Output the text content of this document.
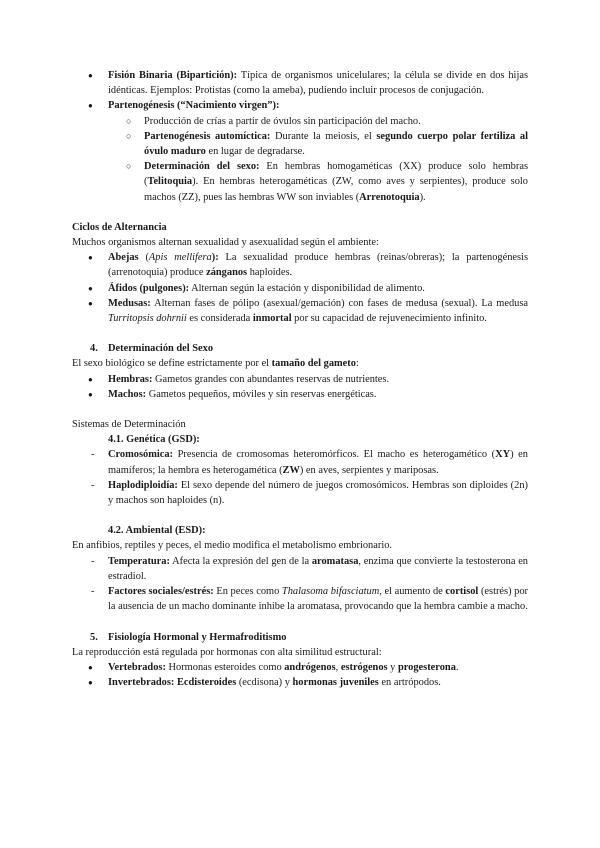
● Fisión Binaria (Bipartición): Típica de organismos unicelulares; la célula se divide en dos hijas idénticas. Ejemplos: Protistas (como la ameba), pudiendo incluir procesos de conjugación.

● Partenogénesis (“Nacimiento virgen”):

○ Producción de crías a partir de óvulos sin participación del macho.

○ Partenogénesis automíctica: Durante la meiosis, el segundo cuerpo polar fertiliza al óvulo maduro en lugar de degradarse.

○ Determinación del sexo: En hembras homogaméticas (XX) produce solo hembras (Telitoquia). En hembras heterogaméticas (ZW, como aves y serpientes), produce solo machos (ZZ), pues las hembras WW son inviables (Arrenotoquia).

Ciclos de Alternancia

Muchos organismos alternan sexualidad y asexualidad según el ambiente:

● Abejas (Apis mellifera): La sexualidad produce hembras (reinas/obreras); la partenogénesis (arrenotoquia) produce zánganos haploides.

● Áfidos (pulgones): Alternan según la estación y disponibilidad de alimento.

● Medusas: Alternan fases de pólipo (asexual/gemación) con fases de medusa (sexual). La medusa Turritopsis dohrnii es considerada inmortal por su capacidad de rejuvenecimiento infinito.

4. Determinación del Sexo

El sexo biológico se define estrictamente por el tamaño del gameto:

● Hembras: Gametos grandes con abundantes reservas de nutrientes.

● Machos: Gametos pequeños, móviles y sin reservas energéticas.

Sistemas de Determinación

4.1. Genética (GSD):

- Cromosómica: Presencia de cromosomas heteromórficos. El macho es heterogamético (XY) en mamíferos; la hembra es heterogamética (ZW) en aves, serpientes y mariposas.

- Haplodiploidía: El sexo depende del número de juegos cromosómicos. Hembras son diploides (2n) y machos son haploides (n).

4.2. Ambiental (ESD):

En anfibios, reptiles y peces, el medio modifica el metabolismo embrionario.

- Temperatura: Afecta la expresión del gen de la aromatasa, enzima que convierte la testosterona en estradiol.

- Factores sociales/estrés: En peces como Thalasoma bifasciatum, el aumento de cortisol (estrés) por la ausencia de un macho dominante inhibe la aromatasa, provocando que la hembra cambie a macho.

5. Fisiología Hormonal y Hermafroditismo

La reproducción está regulada por hormonas con alta similitud estructural:

● Vertebrados: Hormonas esteroides como andrógenos, estrógenos y progesterona.

● Invertebrados: Ecdisteroides (ecdisona) y hormonas juveniles en artrópodos.
